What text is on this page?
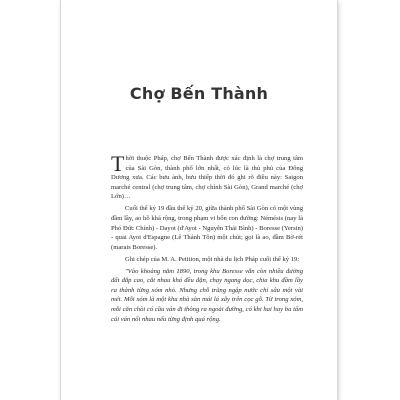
Chợ Bến Thành

Thời thuộc Pháp, chợ Bến Thành được xác định là chợ trung tâm của Sài Gòn, thành phố lớn nhất, có lúc là thủ phủ của Đông Dương xưa. Các bưu ảnh, bưu thiếp thời đó ghi rõ điều này: Saigon marché central (chợ trung tâm, chợ chính Sài Gòn), Grand marché (chợ Lớn)…

Cuối thế kỷ 19 đầu thế kỷ 20, giữa thành phố Sài Gòn có một vùng đầm lầy, ao hồ khá rộng, trong phạm vi bốn con đường: Némésis (nay là Phó Đức Chính) - Dayot (d'Ayot - Nguyễn Thái Bình) - Boresse (Yersin) - quai Ayot d'Espagne (Lê Thánh Tôn) một chút; gọi là ao, đầm Bờ-rét (marais Boresse).

Ghi chép của M. A. Petition, một nhà du lịch Pháp cuối thế kỷ 19:

"Vào khoảng năm 1890, trong khu Boresse vẫn còn nhiều đường đất đắp cao, cắt nhau khá đều đặn, chạy ngang dọc, chia khu đầm lầy ra thành từng xóm nhỏ. Nhưng chỗ trũng ngập nước chỉ sâu một vài mét. Mỗi xóm là một khu nhà sàn mái lá xây trên cọc gỗ. Từ trong xóm, mỗi căn chòi có cầu ván đi thông ra ngoài đường, có khi hai hay ba tấm cái ván nối nhau nếu từng định quá rộng.
